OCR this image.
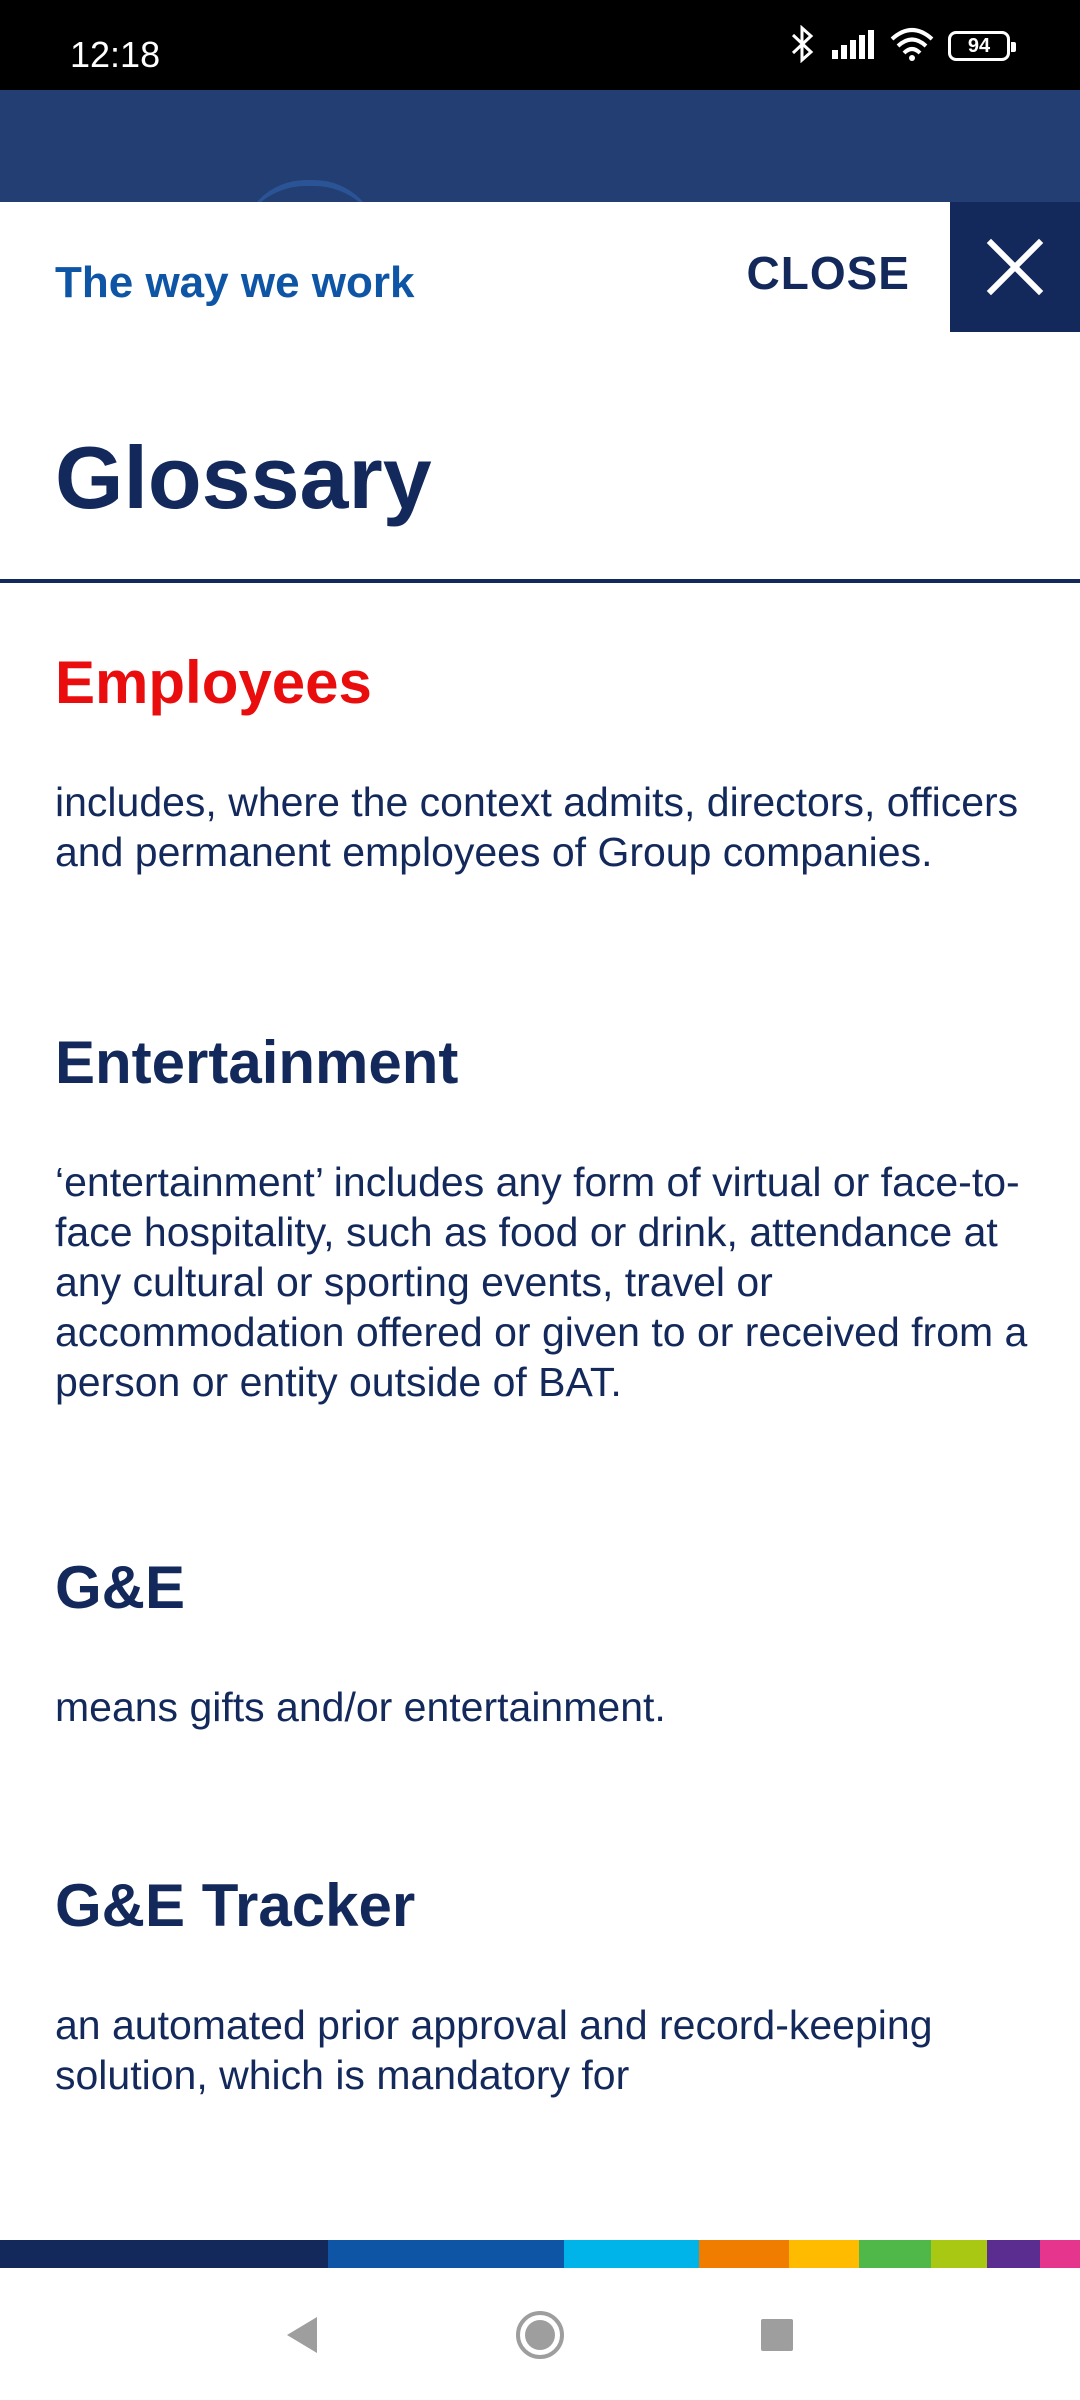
12:18	94
The way we work	CLOSE
Glossary

Employees

includes, where the context admits, directors, officers and permanent employees of Group companies.

Entertainment

‘entertainment’ includes any form of virtual or face-to-face hospitality, such as food or drink, attendance at any cultural or sporting events, travel or accommodation offered or given to or received from a person or entity outside of BAT.

G&E

means gifts and/or entertainment.

G&E Tracker

an automated prior approval and record-keeping solution, which is mandatory for
